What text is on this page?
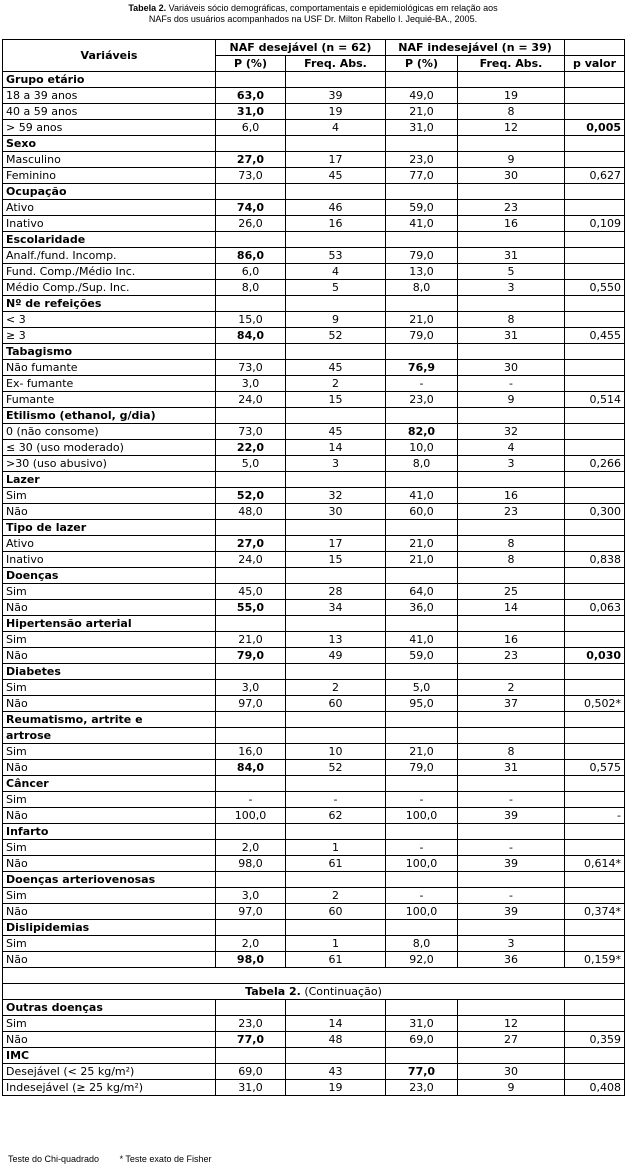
Tabela 2. Variáveis sócio demográficas, comportamentais e epidemiológicas em relação aos
NAFs dos usuários acompanhados na USF Dr. Milton Rabello I. Jequié-BA., 2005.
Variáveis	NAF desejável (n = 62)		NAF indesejável (n = 39)		
	P (%)	Freq. Abs.	P (%)	Freq. Abs.	p valor
Grupo etário					
18 a 39 anos	63,0	39	49,0	19	
40 a 59 anos	31,0	19	21,0	8	
> 59 anos	6,0	4	31,0	12	0,005
Sexo					
Masculino	27,0	17	23,0	9	
Feminino	73,0	45	77,0	30	0,627
Ocupação					
Ativo	74,0	46	59,0	23	
Inativo	26,0	16	41,0	16	0,109
Escolaridade					
Analf./fund. Incomp.	86,0	53	79,0	31	
Fund. Comp./Médio Inc.	6,0	4	13,0	5	
Médio Comp./Sup. Inc.	8,0	5	8,0	3	0,550
Nº de refeições					
< 3	15,0	9	21,0	8	
≥ 3	84,0	52	79,0	31	0,455
Tabagismo					
Não fumante	73,0	45	76,9	30	
Ex- fumante	3,0	2	-	-	
Fumante	24,0	15	23,0	9	0,514
Etilismo (ethanol, g/dia)					
0 (não consome)	73,0	45	82,0	32	
≤ 30 (uso moderado)	22,0	14	10,0	4	
>30 (uso abusivo)	5,0	3	8,0	3	0,266
Lazer					
Sim	52,0	32	41,0	16	
Não	48,0	30	60,0	23	0,300
Tipo de lazer					
Ativo	27,0	17	21,0	8	
Inativo	24,0	15	21,0	8	0,838
Doenças					
Sim	45,0	28	64,0	25	
Não	55,0	34	36,0	14	0,063
Hipertensão arterial					
Sim	21,0	13	41,0	16	
Não	79,0	49	59,0	23	0,030
Diabetes					
Sim	3,0	2	5,0	2	
Não	97,0	60	95,0	37	0,502*
Reumatismo, artrite e					
artrose					
Sim	16,0	10	21,0	8	
Não	84,0	52	79,0	31	0,575
Câncer					
Sim	-	-	-	-	
Não	100,0	62	100,0	39	-
Infarto					
Sim	2,0	1	-	-	
Não	98,0	61	100,0	39	0,614*
Doenças arteriovenosas					
Sim	3,0	2	-	-	
Não	97,0	60	100,0	39	0,374*
Dislipidemias					
Sim	2,0	1	8,0	3	
Não	98,0	61	92,0	36	0,159*

Tabela 2. (Continuação)					
Outras doenças					
Sim	23,0	14	31,0	12	
Não	77,0	48	69,0	27	0,359
IMC					
Desejável (< 25 kg/m²)	69,0	43	77,0	30	
Indesejável (≥ 25 kg/m²)	31,0	19	23,0	9	0,408
Teste do Chi-quadrado * Teste exato de Fisher
